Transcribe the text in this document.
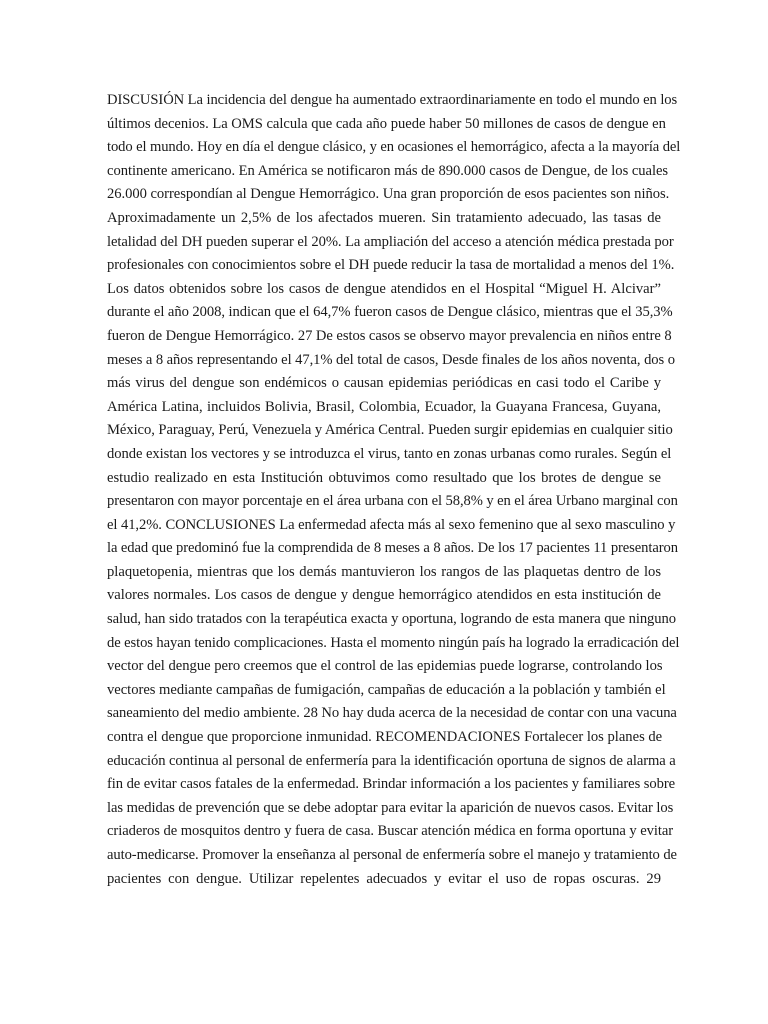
DISCUSIÓN La incidencia del dengue ha aumentado extraordinariamente en todo el mundo en los
últimos decenios. La OMS calcula que cada año puede haber 50 millones de casos de dengue en
todo el mundo. Hoy en día el dengue clásico, y en ocasiones el hemorrágico, afecta a la mayoría del
continente americano. En América se notificaron más de 890.000 casos de Dengue, de los cuales
26.000 correspondían al Dengue Hemorrágico. Una gran proporción de esos pacientes son niños.
Aproximadamente un 2,5% de los afectados mueren. Sin tratamiento adecuado, las tasas de
letalidad del DH pueden superar el 20%. La ampliación del acceso a atención médica prestada por
profesionales con conocimientos sobre el DH puede reducir la tasa de mortalidad a menos del 1%.
Los datos obtenidos sobre los casos de dengue atendidos en el Hospital “Miguel H. Alcivar”
durante el año 2008, indican que el 64,7% fueron casos de Dengue clásico, mientras que el 35,3%
fueron de Dengue Hemorrágico. 27 De estos casos se observo mayor prevalencia en niños entre 8
meses a 8 años representando el 47,1% del total de casos, Desde finales de los años noventa, dos o
más virus del dengue son endémicos o causan epidemias periódicas en casi todo el Caribe y
América Latina, incluidos Bolivia, Brasil, Colombia, Ecuador, la Guayana Francesa, Guyana,
México, Paraguay, Perú, Venezuela y América Central. Pueden surgir epidemias en cualquier sitio
donde existan los vectores y se introduzca el virus, tanto en zonas urbanas como rurales. Según el
estudio realizado en esta Institución obtuvimos como resultado que los brotes de dengue se
presentaron con mayor porcentaje en el área urbana con el 58,8% y en el área Urbano marginal con
el 41,2%. CONCLUSIONES La enfermedad afecta más al sexo femenino que al sexo masculino y
la edad que predominó fue la comprendida de 8 meses a 8 años. De los 17 pacientes 11 presentaron
plaquetopenia, mientras que los demás mantuvieron los rangos de las plaquetas dentro de los
valores normales. Los casos de dengue y dengue hemorrágico atendidos en esta institución de
salud, han sido tratados con la terapéutica exacta y oportuna, logrando de esta manera que ninguno
de estos hayan tenido complicaciones. Hasta el momento ningún país ha logrado la erradicación del
vector del dengue pero creemos que el control de las epidemias puede lograrse, controlando los
vectores mediante campañas de fumigación, campañas de educación a la población y también el
saneamiento del medio ambiente. 28 No hay duda acerca de la necesidad de contar con una vacuna
contra el dengue que proporcione inmunidad. RECOMENDACIONES Fortalecer los planes de
educación continua al personal de enfermería para la identificación oportuna de signos de alarma a
fin de evitar casos fatales de la enfermedad. Brindar información a los pacientes y familiares sobre
las medidas de prevención que se debe adoptar para evitar la aparición de nuevos casos. Evitar los
criaderos de mosquitos dentro y fuera de casa. Buscar atención médica en forma oportuna y evitar
auto-medicarse. Promover la enseñanza al personal de enfermería sobre el manejo y tratamiento de
pacientes con dengue. Utilizar repelentes adecuados y evitar el uso de ropas oscuras. 29
